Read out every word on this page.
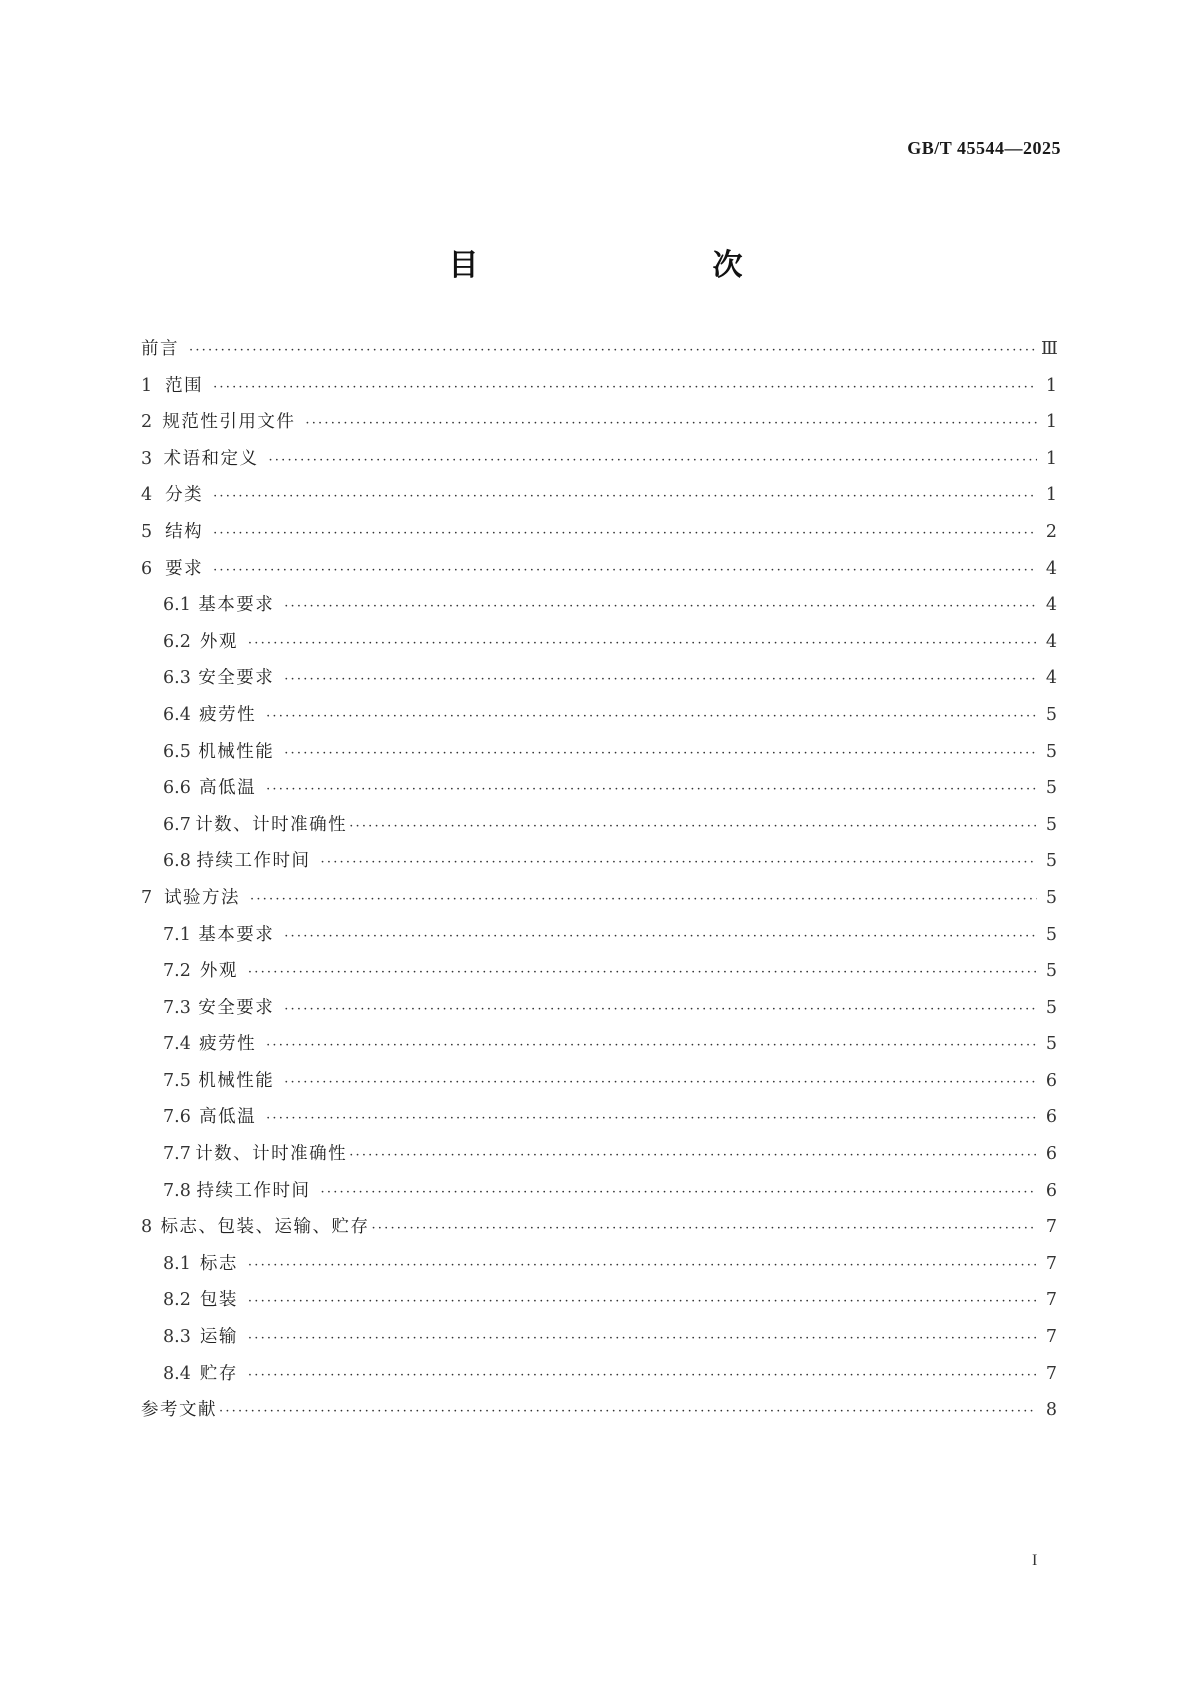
GB/T 45544—2025
目　　次
前言 ·····	Ⅲ
1 范围 ·····	1
2 规范性引用文件 ·····	1
3 术语和定义 ·····	1
4 分类 ·····	1
5 结构 ·····	2
6 要求 ·····	4
6.1 基本要求 ·····	4
6.2 外观 ·····	4
6.3 安全要求 ·····	4
6.4 疲劳性 ·····	5
6.5 机械性能 ·····	5
6.6 高低温 ·····	5
6.7 计数、计时准确性 ·····	5
6.8 持续工作时间 ·····	5
7 试验方法 ·····	5
7.1 基本要求 ·····	5
7.2 外观 ·····	5
7.3 安全要求 ·····	5
7.4 疲劳性 ·····	5
7.5 机械性能 ·····	6
7.6 高低温 ·····	6
7.7 计数、计时准确性 ·····	6
7.8 持续工作时间 ·····	6
8 标志、包装、运输、贮存 ·····	7
8.1 标志 ·····	7
8.2 包装 ·····	7
8.3 运输 ·····	7
8.4 贮存 ·····	7
参考文献 ·····	8
I
